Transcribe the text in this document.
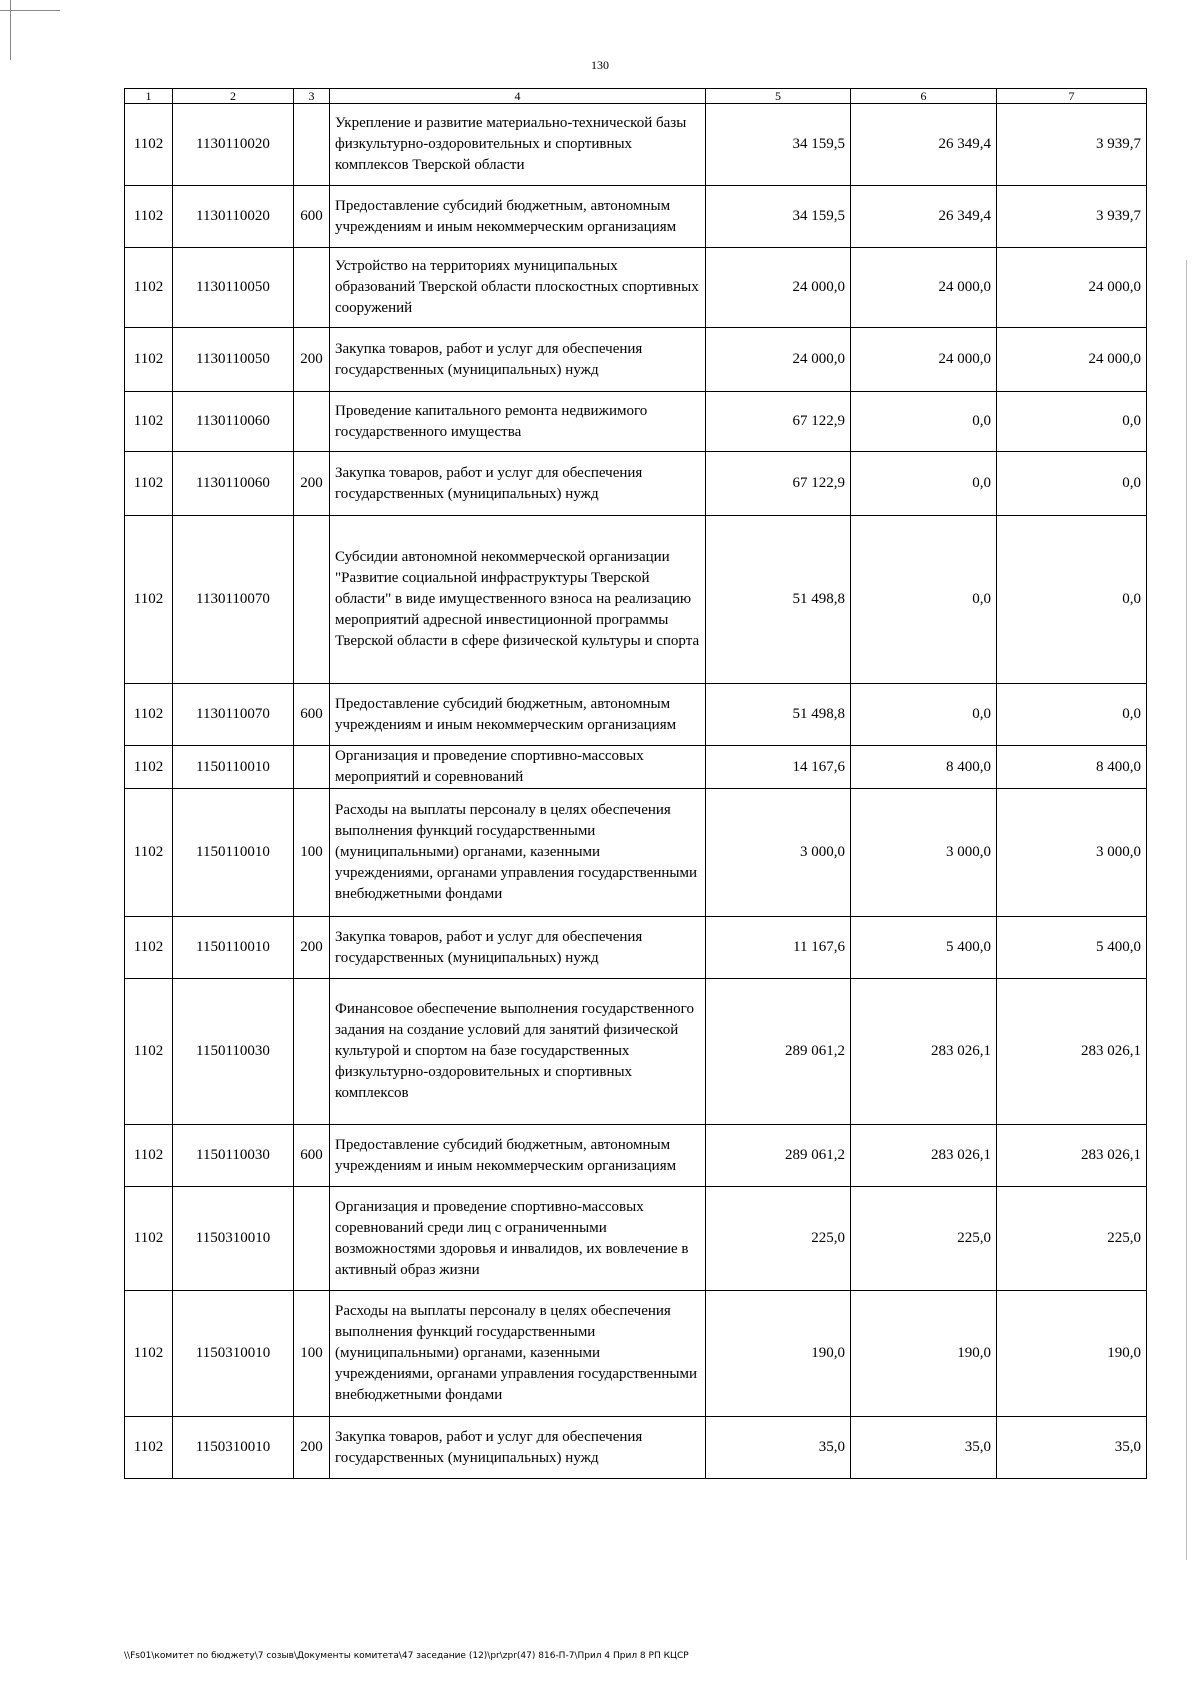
130
1	2	3	4	5	6	7
1102	1130110020		Укрепление и развитие материально-технической базы физкультурно-оздоровительных и спортивных комплексов Тверской области	34 159,5	26 349,4	3 939,7
1102	1130110020	600	Предоставление субсидий бюджетным, автономным учреждениям и иным некоммерческим организациям	34 159,5	26 349,4	3 939,7
1102	1130110050		Устройство на территориях муниципальных образований Тверской области плоскостных спортивных сооружений	24 000,0	24 000,0	24 000,0
1102	1130110050	200	Закупка товаров, работ и услуг для обеспечения государственных (муниципальных) нужд	24 000,0	24 000,0	24 000,0
1102	1130110060		Проведение капитального ремонта недвижимого государственного имущества	67 122,9	0,0	0,0
1102	1130110060	200	Закупка товаров, работ и услуг для обеспечения государственных (муниципальных) нужд	67 122,9	0,0	0,0
1102	1130110070		Субсидии автономной некоммерческой организации "Развитие социальной инфраструктуры Тверской области" в виде имущественного взноса на реализацию мероприятий адресной инвестиционной программы Тверской области в сфере физической культуры и спорта	51 498,8	0,0	0,0
1102	1130110070	600	Предоставление субсидий бюджетным, автономным учреждениям и иным некоммерческим организациям	51 498,8	0,0	0,0
1102	1150110010		Организация и проведение спортивно-массовых мероприятий и соревнований	14 167,6	8 400,0	8 400,0
1102	1150110010	100	Расходы на выплаты персоналу в целях обеспечения выполнения функций государственными (муниципальными) органами, казенными учреждениями, органами управления государственными внебюджетными фондами	3 000,0	3 000,0	3 000,0
1102	1150110010	200	Закупка товаров, работ и услуг для обеспечения государственных (муниципальных) нужд	11 167,6	5 400,0	5 400,0
1102	1150110030		Финансовое обеспечение выполнения государственного задания на создание условий для занятий физической культурой и спортом на базе государственных физкультурно-оздоровительных и спортивных комплексов	289 061,2	283 026,1	283 026,1
1102	1150110030	600	Предоставление субсидий бюджетным, автономным учреждениям и иным некоммерческим организациям	289 061,2	283 026,1	283 026,1
1102	1150310010		Организация и проведение спортивно-массовых соревнований среди лиц с ограниченными возможностями здоровья и инвалидов, их вовлечение в активный образ жизни	225,0	225,0	225,0
1102	1150310010	100	Расходы на выплаты персоналу в целях обеспечения выполнения функций государственными (муниципальными) органами, казенными учреждениями, органами управления государственными внебюджетными фондами	190,0	190,0	190,0
1102	1150310010	200	Закупка товаров, работ и услуг для обеспечения государственных (муниципальных) нужд	35,0	35,0	35,0
\\Fs01\комитет по бюджету\7 созыв\Документы комитета\47 заседание (12)\pr\zpr(47) 816-П-7\Прил 4 Прил 8 РП КЦСР
